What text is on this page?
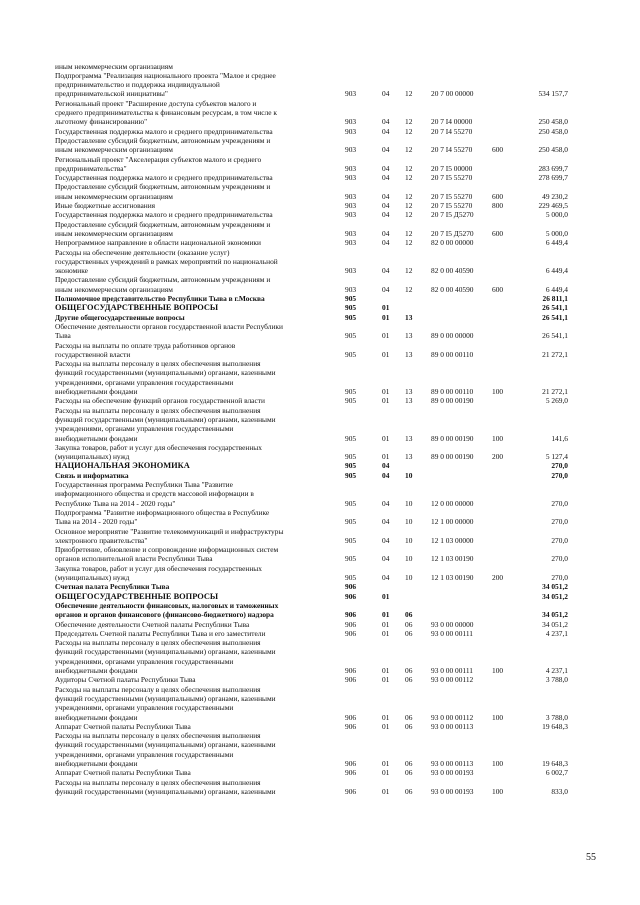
иным некоммерческим организациям
Подпрограмма "Реализация национального проекта "Малое и среднее
предпринимательство и поддержка индивидуальной
предпринимательской инициативы"	903	04 12	20 7 00 00000	534 157,7
Региональный проект "Расширение доступа субъектов малого и
среднего предпринимательства к финансовым ресурсам, в том числе к
льготному финансированию"	903	04 12	20 7 I4 00000	250 458,0
Государственная поддержка малого и среднего предпринимательства	903	04 12	20 7 I4 55270	250 458,0
Предоставление субсидий бюджетным, автономным учреждениям и
иным некоммерческим организациям	903	04 12	20 7 I4 55270	600	250 458,0
Региональный проект "Акселерация субъектов малого и среднего
предпринимательства"	903	04 12	20 7 I5 00000	283 699,7
Государственная поддержка малого и среднего предпринимательства	903	04 12	20 7 I5 55270	278 699,7
Предоставление субсидий бюджетным, автономным учреждениям и
иным некоммерческим организациям	903	04 12	20 7 I5 55270	600	49 230,2
Иные бюджетные ассигнования	903	04 12	20 7 I5 55270	800	229 469,5
Государственная поддержка малого и среднего предпринимательства	903	04 12	20 7 I5 Д5270	5 000,0
Предоставление субсидий бюджетным, автономным учреждениям и
иным некоммерческим организациям	903	04 12	20 7 I5 Д5270 600	5 000,0
Непрограммное направление в области национальной экономики	903	04 12	82 0 00 00000	6 449,4
Расходы на обеспечение деятельности (оказание услуг)
государственных учреждений в рамках мероприятий по национальной
экономике	903	04 12	82 0 00 40590	6 449,4
Предоставление субсидий бюджетным, автономным учреждениям и
иным некоммерческим организациям	903	04 12	82 0 00 40590	600	6 449,4
Полномочное представительство Республики Тыва в г.Москва	905	26 811,1
ОБЩЕГОСУДАРСТВЕННЫЕ ВОПРОСЫ	905	01	26 541,1
Другие общегосударственные вопросы	905	01 13	26 541,1
Обеспечение деятельности органов государственной власти Республики
Тыва	905	01 13	89 0 00 00000	26 541,1
Расходы на выплаты по оплате труда работников органов
государственной власти	905	01 13	89 0 00 00110	21 272,1
Расходы на выплаты персоналу в целях обеспечения выполнения
функций государственными (муниципальными) органами, казенными
учреждениями, органами управления государственными
внебюджетными фондами	905	01 13	89 0 00 00110	100	21 272,1
Расходы на обеспечение функций органов государственной власти	905	01 13	89 0 00 00190	5 269,0
Расходы на выплаты персоналу в целях обеспечения выполнения
функций государственными (муниципальными) органами, казенными
учреждениями, органами управления государственными
внебюджетными фондами	905	01 13	89 0 00 00190	100	141,6
Закупка товаров, работ и услуг для обеспечения государственных
(муниципальных) нужд	905	01 13	89 0 00 00190	200	5 127,4
НАЦИОНАЛЬНАЯ ЭКОНОМИКА	905	04	270,0
Связь и информатика	905	04 10	270,0
Государственная программа Республики Тыва "Развитие
информационного общества и средств массовой информации в
Республике Тыва на 2014 - 2020 годы"	905	04 10	12 0 00 00000	270,0
Подпрограмма "Развитие информационного общества в Республике
Тыва на 2014 - 2020 годы"	905	04 10	12 1 00 00000	270,0
Основное мероприятие "Развитие телекоммуникаций и инфраструктуры
электронного правительства"	905	04 10	12 1 03 00000	270,0
Приобретение, обновление и сопровождение информационных систем
органов исполнительной власти Республики Тыва	905	04 10	12 1 03 00190	270,0
Закупка товаров, работ и услуг для обеспечения государственных
(муниципальных) нужд	905	04 10	12 1 03 00190	200	270,0
Счетная палата Республики Тыва	906	34 051,2
ОБЩЕГОСУДАРСТВЕННЫЕ ВОПРОСЫ	906	01	34 051,2
Обеспечение деятельности финансовых, налоговых и таможенных
органов и органов финансового (финансово-бюджетного) надзора	906	01 06	34 051,2
Обеспечение деятельности Счетной палаты Республики Тыва	906	01 06	93 0 00 00000	34 051,2
Председатель Счетной палаты Республики Тыва и его заместители	906	01 06	93 0 00 00111	4 237,1
Расходы на выплаты персоналу в целях обеспечения выполнения
функций государственными (муниципальными) органами, казенными
учреждениями, органами управления государственными
внебюджетными фондами	906	01 06	93 0 00 00111	100	4 237,1
Аудиторы Счетной палаты Республики Тыва	906	01 06	93 0 00 00112	3 788,0
Расходы на выплаты персоналу в целях обеспечения выполнения
функций государственными (муниципальными) органами, казенными
учреждениями, органами управления государственными
внебюджетными фондами	906	01 06	93 0 00 00112	100	3 788,0
Аппарат Счетной палаты Республики Тыва	906	01 06	93 0 00 00113	19 648,3
Расходы на выплаты персоналу в целях обеспечения выполнения
функций государственными (муниципальными) органами, казенными
учреждениями, органами управления государственными
внебюджетными фондами	906	01 06	93 0 00 00113	100	19 648,3
Аппарат Счетной палаты Республики Тыва	906	01 06	93 0 00 00193	6 002,7
Расходы на выплаты персоналу в целях обеспечения выполнения
функций государственными (муниципальными) органами, казенными	906	01 06	93 0 00 00193	100	833,0
55
